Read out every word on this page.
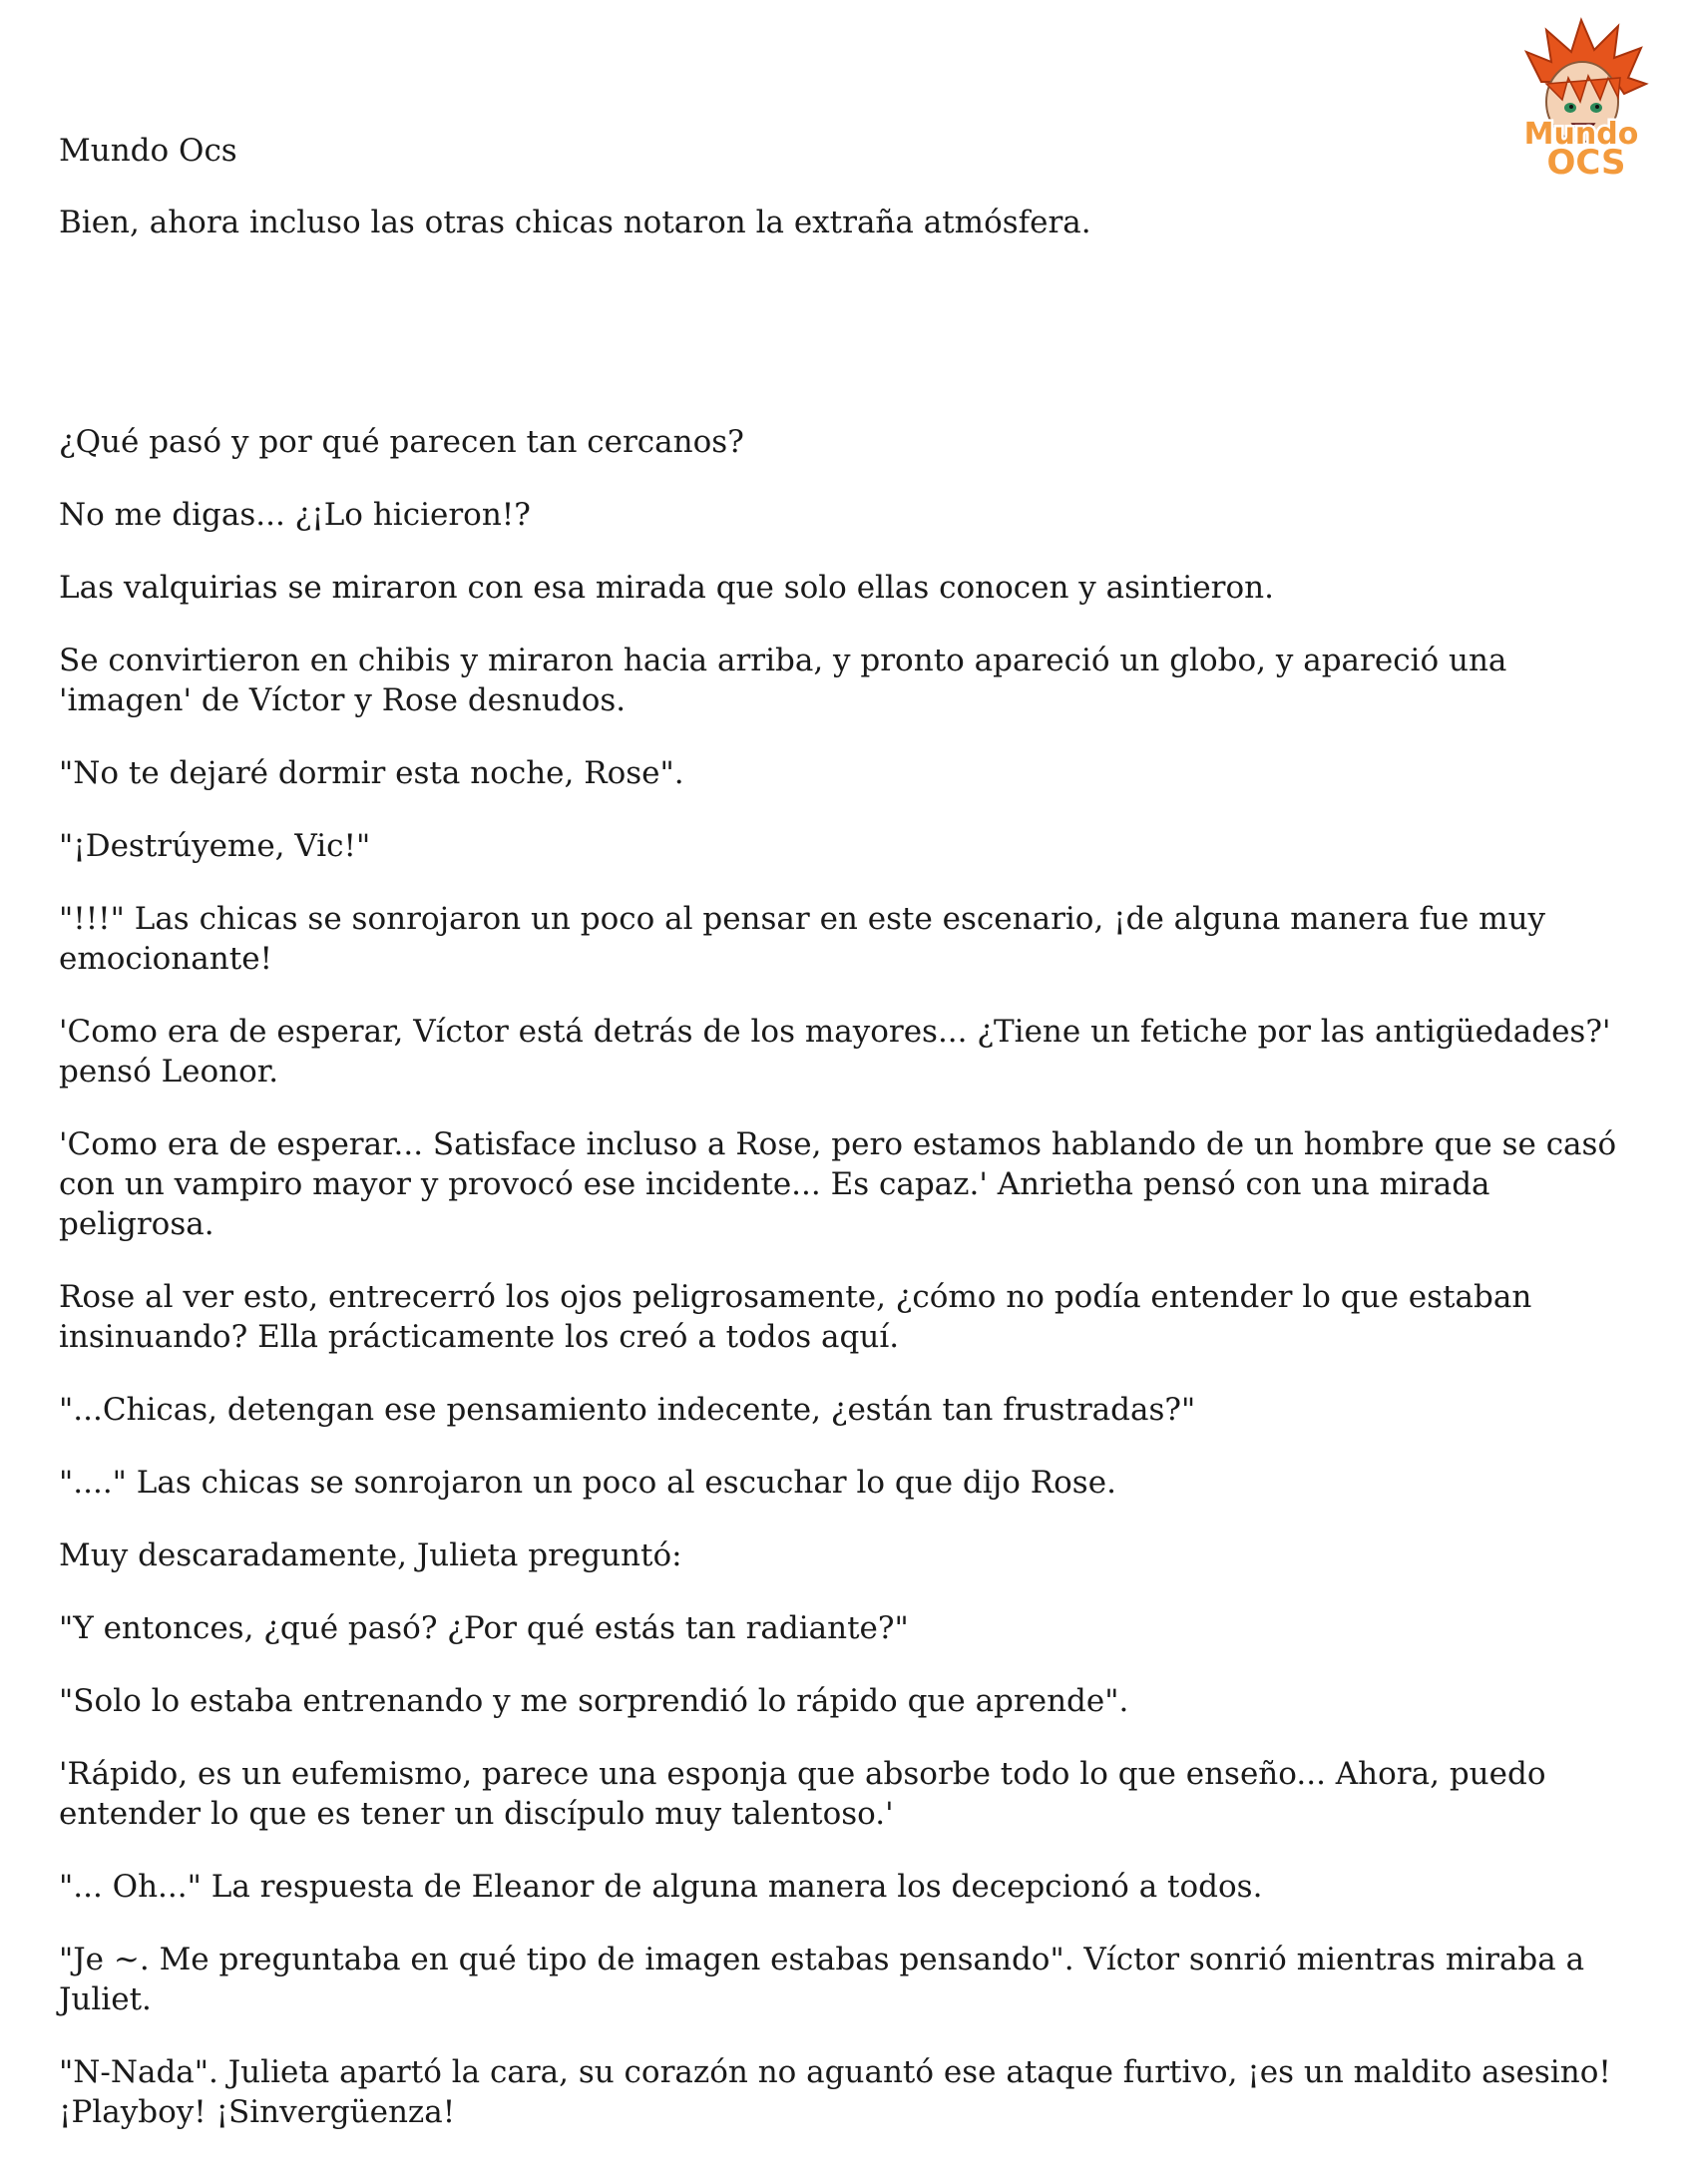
Mundo
OCS
Mundo Ocs

Bien, ahora incluso las otras chicas notaron la extraña atmósfera.

¿Qué pasó y por qué parecen tan cercanos?

No me digas... ¿¡Lo hicieron!?

Las valquirias se miraron con esa mirada que solo ellas conocen y asintieron.

Se convirtieron en chibis y miraron hacia arriba, y pronto apareció un globo, y apareció una 'imagen' de Víctor y Rose desnudos.

"No te dejaré dormir esta noche, Rose".

"¡Destrúyeme, Vic!"

"!!!" Las chicas se sonrojaron un poco al pensar en este escenario, ¡de alguna manera fue muy emocionante!

'Como era de esperar, Víctor está detrás de los mayores... ¿Tiene un fetiche por las antigüedades?' pensó Leonor.

'Como era de esperar... Satisface incluso a Rose, pero estamos hablando de un hombre que se casó con un vampiro mayor y provocó ese incidente... Es capaz.' Anrietha pensó con una mirada peligrosa.

Rose al ver esto, entrecerró los ojos peligrosamente, ¿cómo no podía entender lo que estaban insinuando? Ella prácticamente los creó a todos aquí.

"...Chicas, detengan ese pensamiento indecente, ¿están tan frustradas?"

"...." Las chicas se sonrojaron un poco al escuchar lo que dijo Rose.

Muy descaradamente, Julieta preguntó:

"Y entonces, ¿qué pasó? ¿Por qué estás tan radiante?"

"Solo lo estaba entrenando y me sorprendió lo rápido que aprende".

'Rápido, es un eufemismo, parece una esponja que absorbe todo lo que enseño... Ahora, puedo entender lo que es tener un discípulo muy talentoso.'

"... Oh..." La respuesta de Eleanor de alguna manera los decepcionó a todos.

"Je ~. Me preguntaba en qué tipo de imagen estabas pensando". Víctor sonrió mientras miraba a Juliet.

"N-Nada". Julieta apartó la cara, su corazón no aguantó ese ataque furtivo, ¡es un maldito asesino! ¡Playboy! ¡Sinvergüenza!
